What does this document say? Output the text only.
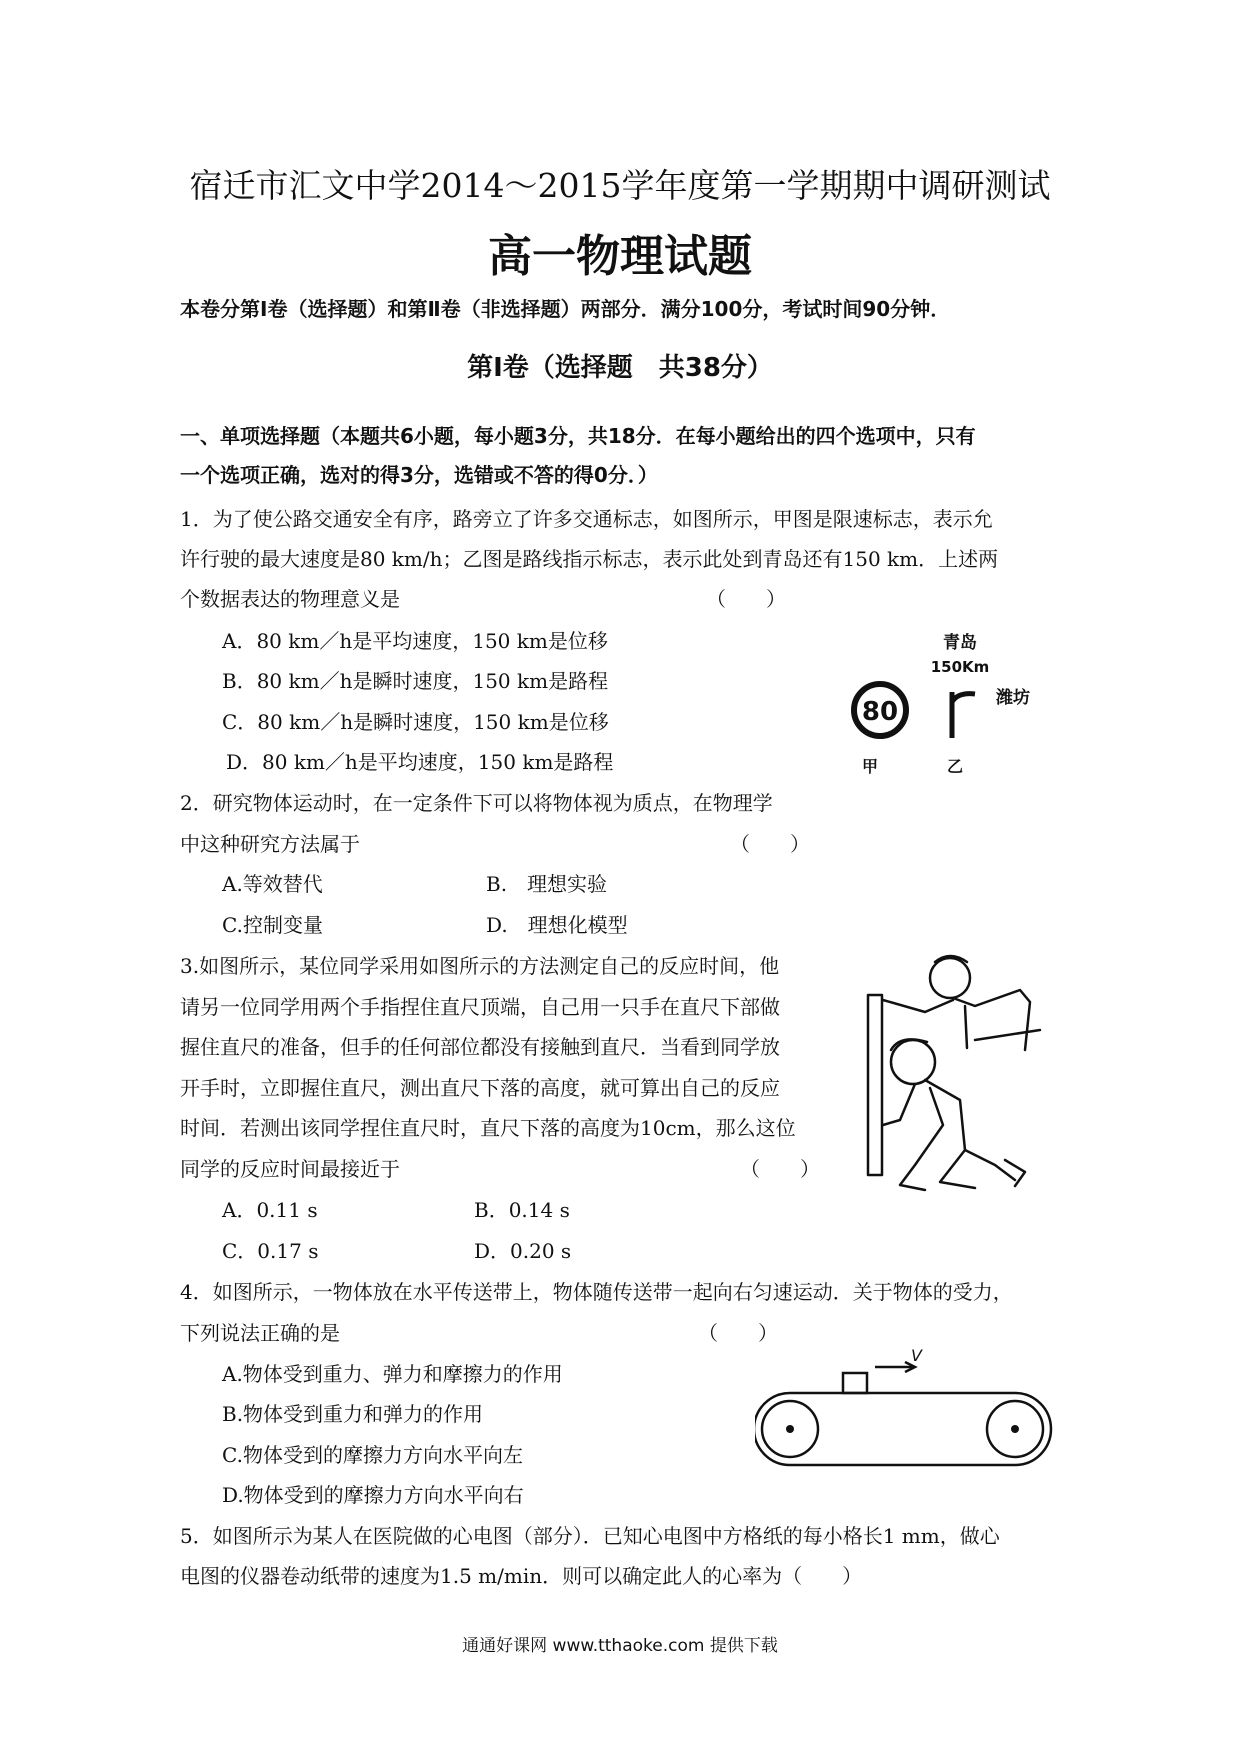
宿迁市汇文中学2014～2015学年度第一学期期中调研测试
高一物理试题
本卷分第Ⅰ卷（选择题）和第Ⅱ卷（非选择题）两部分．满分100分，考试时间90分钟．
第Ⅰ卷（选择题　共38分）
一、单项选择题（本题共6小题，每小题3分，共18分．在每小题给出的四个选项中，只有
一个选项正确，选对的得3分，选错或不答的得0分．）
1．为了使公路交通安全有序，路旁立了许多交通标志，如图所示，甲图是限速标志，表示允
许行驶的最大速度是80 km/h；乙图是路线指示标志，表示此处到青岛还有150 km．上述两
个数据表达的物理意义是	（　　）
A．80 km／h是平均速度，150 km是位移
B．80 km／h是瞬时速度，150 km是路程
C．80 km／h是瞬时速度，150 km是位移
D．80 km／h是平均速度，150 km是路程
80
青岛
150Km
潍坊
甲	乙
2．研究物体运动时，在一定条件下可以将物体视为质点，在物理学
中这种研究方法属于	（　　）
A.等效替代	B.　理想实验
C.控制变量	D.　理想化模型
3.如图所示，某位同学采用如图所示的方法测定自己的反应时间，他
请另一位同学用两个手指捏住直尺顶端，自己用一只手在直尺下部做
握住直尺的准备，但手的任何部位都没有接触到直尺．当看到同学放
开手时，立即握住直尺，测出直尺下落的高度，就可算出自己的反应
时间．若测出该同学捏住直尺时，直尺下落的高度为10cm，那么这位
同学的反应时间最接近于	（　　）
A．0.11 s	B．0.14 s
C．0.17 s	D．0.20 s
4．如图所示，一物体放在水平传送带上，物体随传送带一起向右匀速运动．关于物体的受力，
下列说法正确的是	（　　）
A.物体受到重力、弹力和摩擦力的作用
B.物体受到重力和弹力的作用
C.物体受到的摩擦力方向水平向左
D.物体受到的摩擦力方向水平向右
V
5．如图所示为某人在医院做的心电图（部分）．已知心电图中方格纸的每小格长1 mm，做心
电图的仪器卷动纸带的速度为1.5 m/min．则可以确定此人的心率为（　　）
通通好课网 www.tthaoke.com 提供下载
